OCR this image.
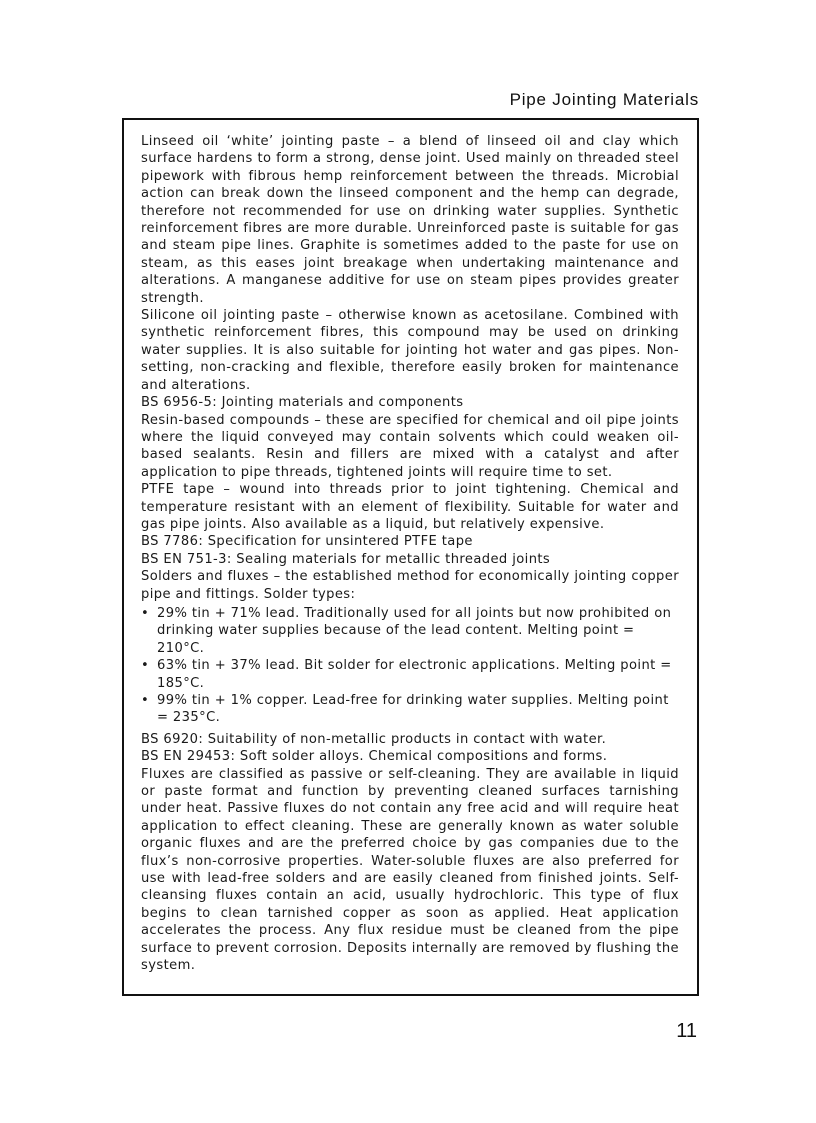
Pipe Jointing Materials

Linseed oil ‘white’ jointing paste – a blend of linseed oil and clay which surface hardens to form a strong, dense joint. Used mainly on threaded steel pipework with fibrous hemp reinforcement between the threads. Microbial action can break down the linseed component and the hemp can degrade, therefore not recommended for use on drinking water supplies. Synthetic reinforcement fibres are more durable. Unreinforced paste is suitable for gas and steam pipe lines. Graphite is sometimes added to the paste for use on steam, as this eases joint breakage when undertaking maintenance and alterations. A manganese additive for use on steam pipes provides greater strength.

Silicone oil jointing paste – otherwise known as acetosilane. Combined with synthetic reinforcement fibres, this compound may be used on drinking water supplies. It is also suitable for jointing hot water and gas pipes. Non-setting, non-cracking and flexible, therefore easily broken for maintenance and alterations.

BS 6956-5: Jointing materials and components

Resin-based compounds – these are specified for chemical and oil pipe joints where the liquid conveyed may contain solvents which could weaken oil-based sealants. Resin and fillers are mixed with a catalyst and after application to pipe threads, tightened joints will require time to set.

PTFE tape – wound into threads prior to joint tightening. Chemical and temperature resistant with an element of flexibility. Suitable for water and gas pipe joints. Also available as a liquid, but relatively expensive.

BS 7786: Specification for unsintered PTFE tape

BS EN 751-3: Sealing materials for metallic threaded joints

Solders and fluxes – the established method for economically jointing copper pipe and fittings. Solder types:

• 29% tin + 71% lead. Traditionally used for all joints but now prohibited on drinking water supplies because of the lead content. Melting point = 210°C.
• 63% tin + 37% lead. Bit solder for electronic applications. Melting point = 185°C.
• 99% tin + 1% copper. Lead-free for drinking water supplies. Melting point = 235°C.

BS 6920: Suitability of non-metallic products in contact with water.

BS EN 29453: Soft solder alloys. Chemical compositions and forms.

Fluxes are classified as passive or self-cleaning. They are available in liquid or paste format and function by preventing cleaned surfaces tarnishing under heat. Passive fluxes do not contain any free acid and will require heat application to effect cleaning. These are generally known as water soluble organic fluxes and are the preferred choice by gas companies due to the flux’s non-corrosive properties. Water-soluble fluxes are also preferred for use with lead-free solders and are easily cleaned from finished joints. Self-cleansing fluxes contain an acid, usually hydrochloric. This type of flux begins to clean tarnished copper as soon as applied. Heat application accelerates the process. Any flux residue must be cleaned from the pipe surface to prevent corrosion. Deposits internally are removed by flushing the system.

11
